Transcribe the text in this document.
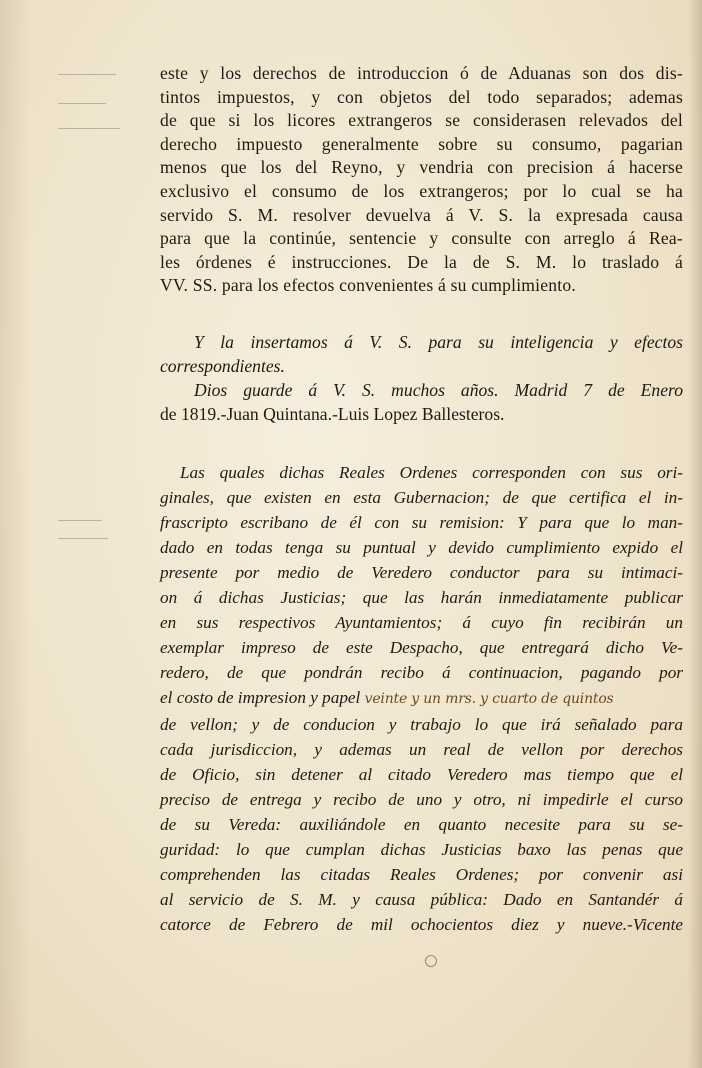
este y los derechos de introduccion ó de Aduanas son dos dis-
tintos impuestos, y con objetos del todo separados; ademas
de que si los licores extrangeros se considerasen relevados del
derecho impuesto generalmente sobre su consumo, pagarian
menos que los del Reyno, y vendria con precision á hacerse
exclusivo el consumo de los extrangeros; por lo cual se ha
servido S. M. resolver devuelva á V. S. la expresada causa
para que la continúe, sentencie y consulte con arreglo á Rea-
les órdenes é instrucciones. De la de S. M. lo traslado á
VV. SS. para los efectos convenientes á su cumplimiento.
Y la insertamos á V. S. para su inteligencia y efectos
correspondientes.
Dios guarde á V. S. muchos años. Madrid 7 de Enero
de 1819.-Juan Quintana.-Luis Lopez Ballesteros.
Las quales dichas Reales Ordenes corresponden con sus ori-
ginales, que existen en esta Gubernacion; de que certifica el in-
frascripto escribano de él con su remision: Y para que lo man-
dado en todas tenga su puntual y devido cumplimiento expido el
presente por medio de Veredero conductor para su intimaci-
on á dichas Justicias; que las harán inmediatamente publicar
en sus respectivos Ayuntamientos; á cuyo fin recibirán un
exemplar impreso de este Despacho, que entregará dicho Ve-
redero, de que pondrán recibo á continuacion, pagando por
el costo de impresion y papel veinte y un mrs. y cuarto de quintos
de vellon; y de conducion y trabajo lo que irá señalado para
cada jurisdiccion, y ademas un real de vellon por derechos
de Oficio, sin detener al citado Veredero mas tiempo que el
preciso de entrega y recibo de uno y otro, ni impedirle el curso
de su Vereda: auxiliándole en quanto necesite para su se-
guridad: lo que cumplan dichas Justicias baxo las penas que
comprehenden las citadas Reales Ordenes; por convenir asi
al servicio de S. M. y causa pública: Dado en Santandér á
catorce de Febrero de mil ochocientos diez y nueve.-Vicente
